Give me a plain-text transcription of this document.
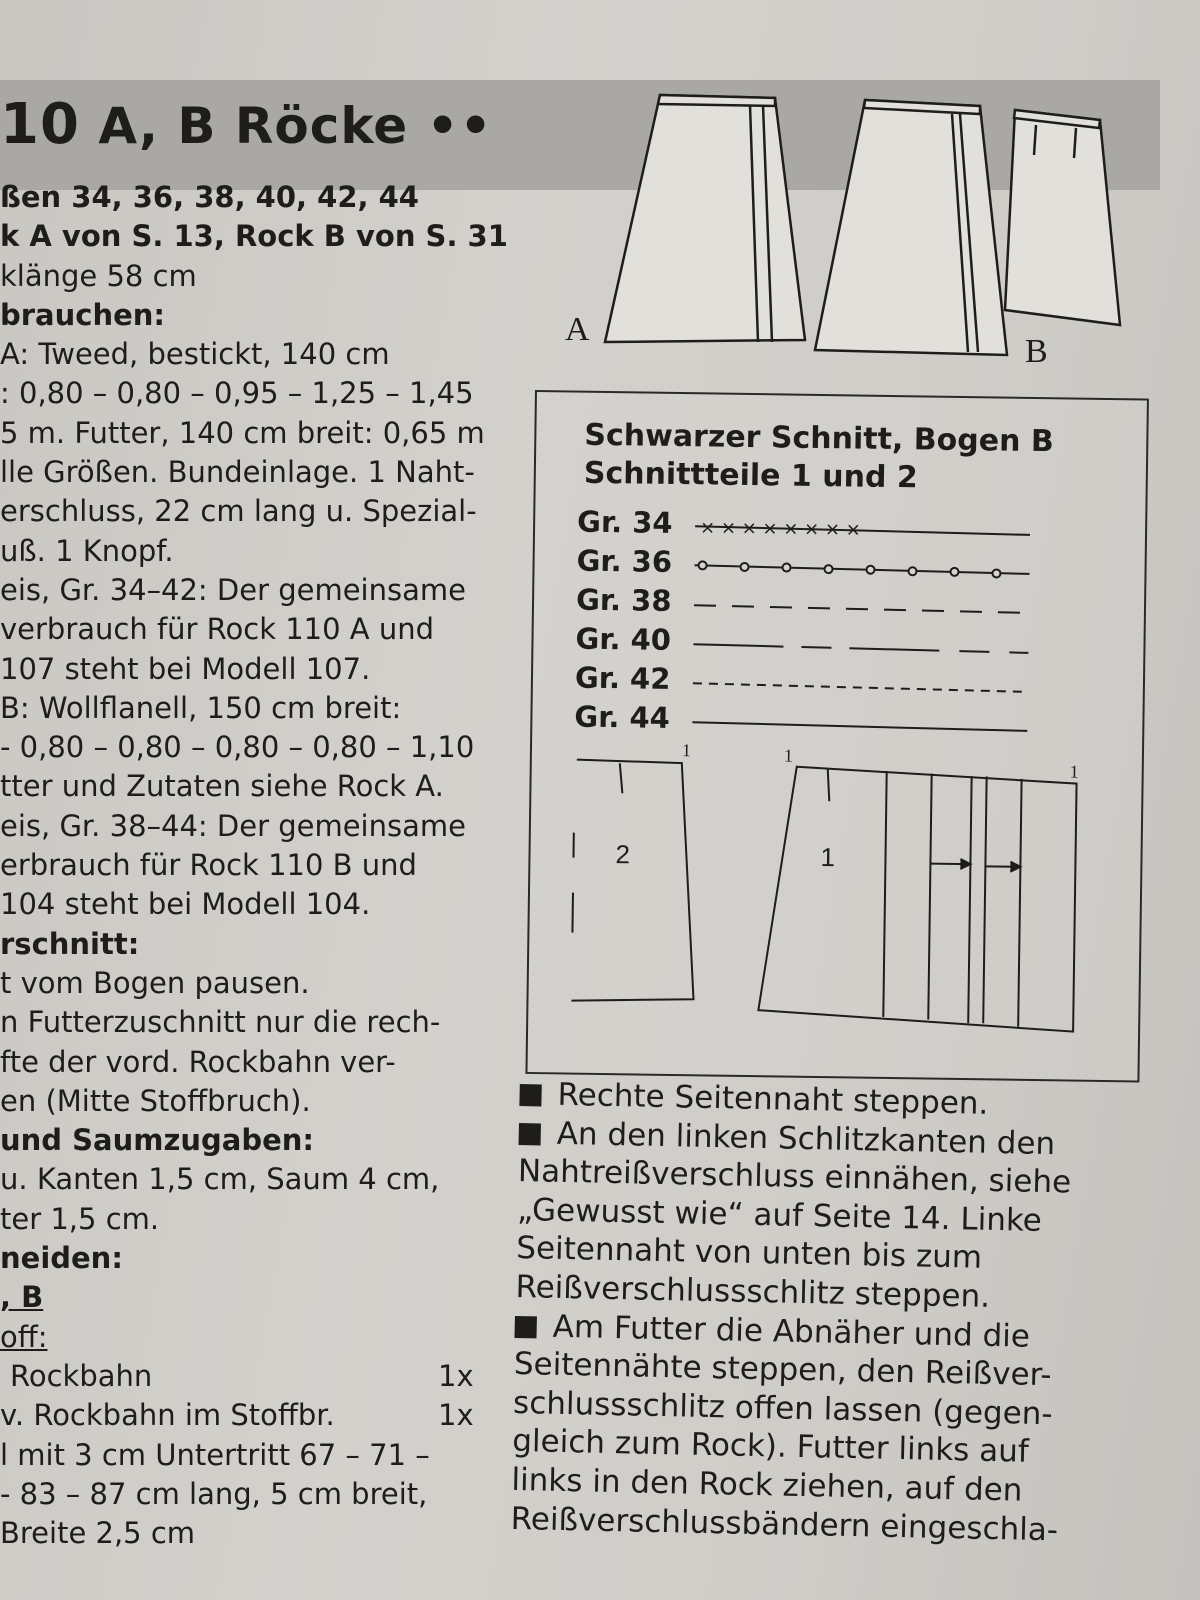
10 A, B Röcke ••
ßen 34, 36, 38, 40, 42, 44
k A von S. 13, Rock B von S. 31
klänge 58 cm
brauchen:
A: Tweed, bestickt, 140 cm
: 0,80 – 0,80 – 0,95 – 1,25 – 1,45
5 m. Futter, 140 cm breit: 0,65 m
lle Größen. Bundeinlage. 1 Naht-
erschluss, 22 cm lang u. Spezial-
uß. 1 Knopf.
eis, Gr. 34–42: Der gemeinsame
verbrauch für Rock 110 A und
107 steht bei Modell 107.
B: Wollflanell, 150 cm breit:
- 0,80 – 0,80 – 0,80 – 0,80 – 1,10
tter und Zutaten siehe Rock A.
eis, Gr. 38–44: Der gemeinsame
erbrauch für Rock 110 B und
104 steht bei Modell 104.
rschnitt:
t vom Bogen pausen.
n Futterzuschnitt nur die rech-
fte der vord. Rockbahn ver-
en (Mitte Stoffbruch).
und Saumzugaben:
u. Kanten 1,5 cm, Saum 4 cm,
ter 1,5 cm.
neiden:
, B
off:
Rockbahn	1x
v. Rockbahn im Stoffbr.	1x
l mit 3 cm Untertritt 67 – 71 –
- 83 – 87 cm lang, 5 cm breit,
Breite 2,5 cm
A
B
Schwarzer Schnitt, Bogen B
Schnittteile 1 und 2
Gr. 34
Gr. 36
Gr. 38
Gr. 40
Gr. 42
Gr. 44
× × × × × × × ×
2	1
1	1
1
Rechte Seitennaht steppen.
An den linken Schlitzkanten den
Nahtreißverschluss einnähen, siehe
„Gewusst wie“ auf Seite 14. Linke
Seitennaht von unten bis zum
Reißverschlussschlitz steppen.
Am Futter die Abnäher und die
Seitennähte steppen, den Reißver-
schlussschlitz offen lassen (gegen-
gleich zum Rock). Futter links auf
links in den Rock ziehen, auf den
Reißverschlussbändern eingeschla-
